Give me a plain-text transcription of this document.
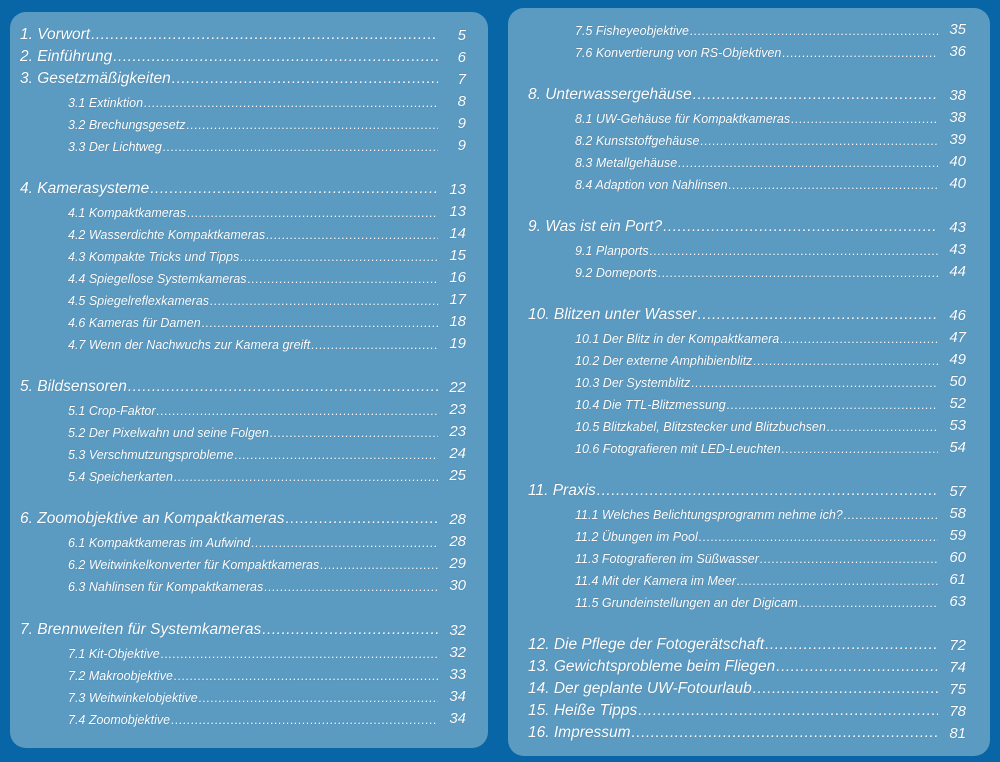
1. Vorwort .....	5
2. Einführung .....	6
3. Gesetzmäßigkeiten .....	7
3.1 Extinktion .....	8
3.2 Brechungsgesetz .....	9
3.3 Der Lichtweg .....	9
4. Kamerasysteme .....	13
4.1 Kompaktkameras .....	13
4.2 Wasserdichte Kompaktkameras .....	14
4.3 Kompakte Tricks und Tipps .....	15
4.4 Spiegellose Systemkameras .....	16
4.5 Spiegelreflexkameras .....	17
4.6 Kameras für Damen .....	18
4.7 Wenn der Nachwuchs zur Kamera greift .....	19
5. Bildsensoren .....	22
5.1 Crop-Faktor .....	23
5.2 Der Pixelwahn und seine Folgen .....	23
5.3 Verschmutzungsprobleme .....	24
5.4 Speicherkarten .....	25
6. Zoomobjektive an Kompaktkameras .....	28
6.1 Kompaktkameras im Aufwind .....	28
6.2 Weitwinkelkonverter für Kompaktkameras .....	29
6.3 Nahlinsen für Kompaktkameras .....	30
7. Brennweiten für Systemkameras .....	32
7.1 Kit-Objektive .....	32
7.2 Makroobjektive .....	33
7.3 Weitwinkelobjektive .....	34
7.4 Zoomobjektive .....	34
7.5 Fisheyeobjektive .....	35
7.6 Konvertierung von RS-Objektiven .....	36
8. Unterwassergehäuse .....	38
8.1 UW-Gehäuse für Kompaktkameras .....	38
8.2 Kunststoffgehäuse .....	39
8.3 Metallgehäuse .....	40
8.4 Adaption von Nahlinsen .....	40
9. Was ist ein Port? .....	43
9.1 Planports .....	43
9.2 Domeports .....	44
10. Blitzen unter Wasser .....	46
10.1 Der Blitz in der Kompaktkamera .....	47
10.2 Der externe Amphibienblitz .....	49
10.3 Der Systemblitz .....	50
10.4 Die TTL-Blitzmessung .....	52
10.5 Blitzkabel, Blitzstecker und Blitzbuchsen .....	53
10.6 Fotografieren mit LED-Leuchten .....	54
11. Praxis .....	57
11.1 Welches Belichtungsprogramm nehme ich? .....	58
11.2 Übungen im Pool .....	59
11.3 Fotografieren im Süßwasser .....	60
11.4 Mit der Kamera im Meer .....	61
11.5 Grundeinstellungen an der Digicam .....	63
12. Die Pflege der Fotogerätschaft .....	72
13. Gewichtsprobleme beim Fliegen .....	74
14. Der geplante UW-Fotourlaub .....	75
15. Heiße Tipps .....	78
16. Impressum .....	81
